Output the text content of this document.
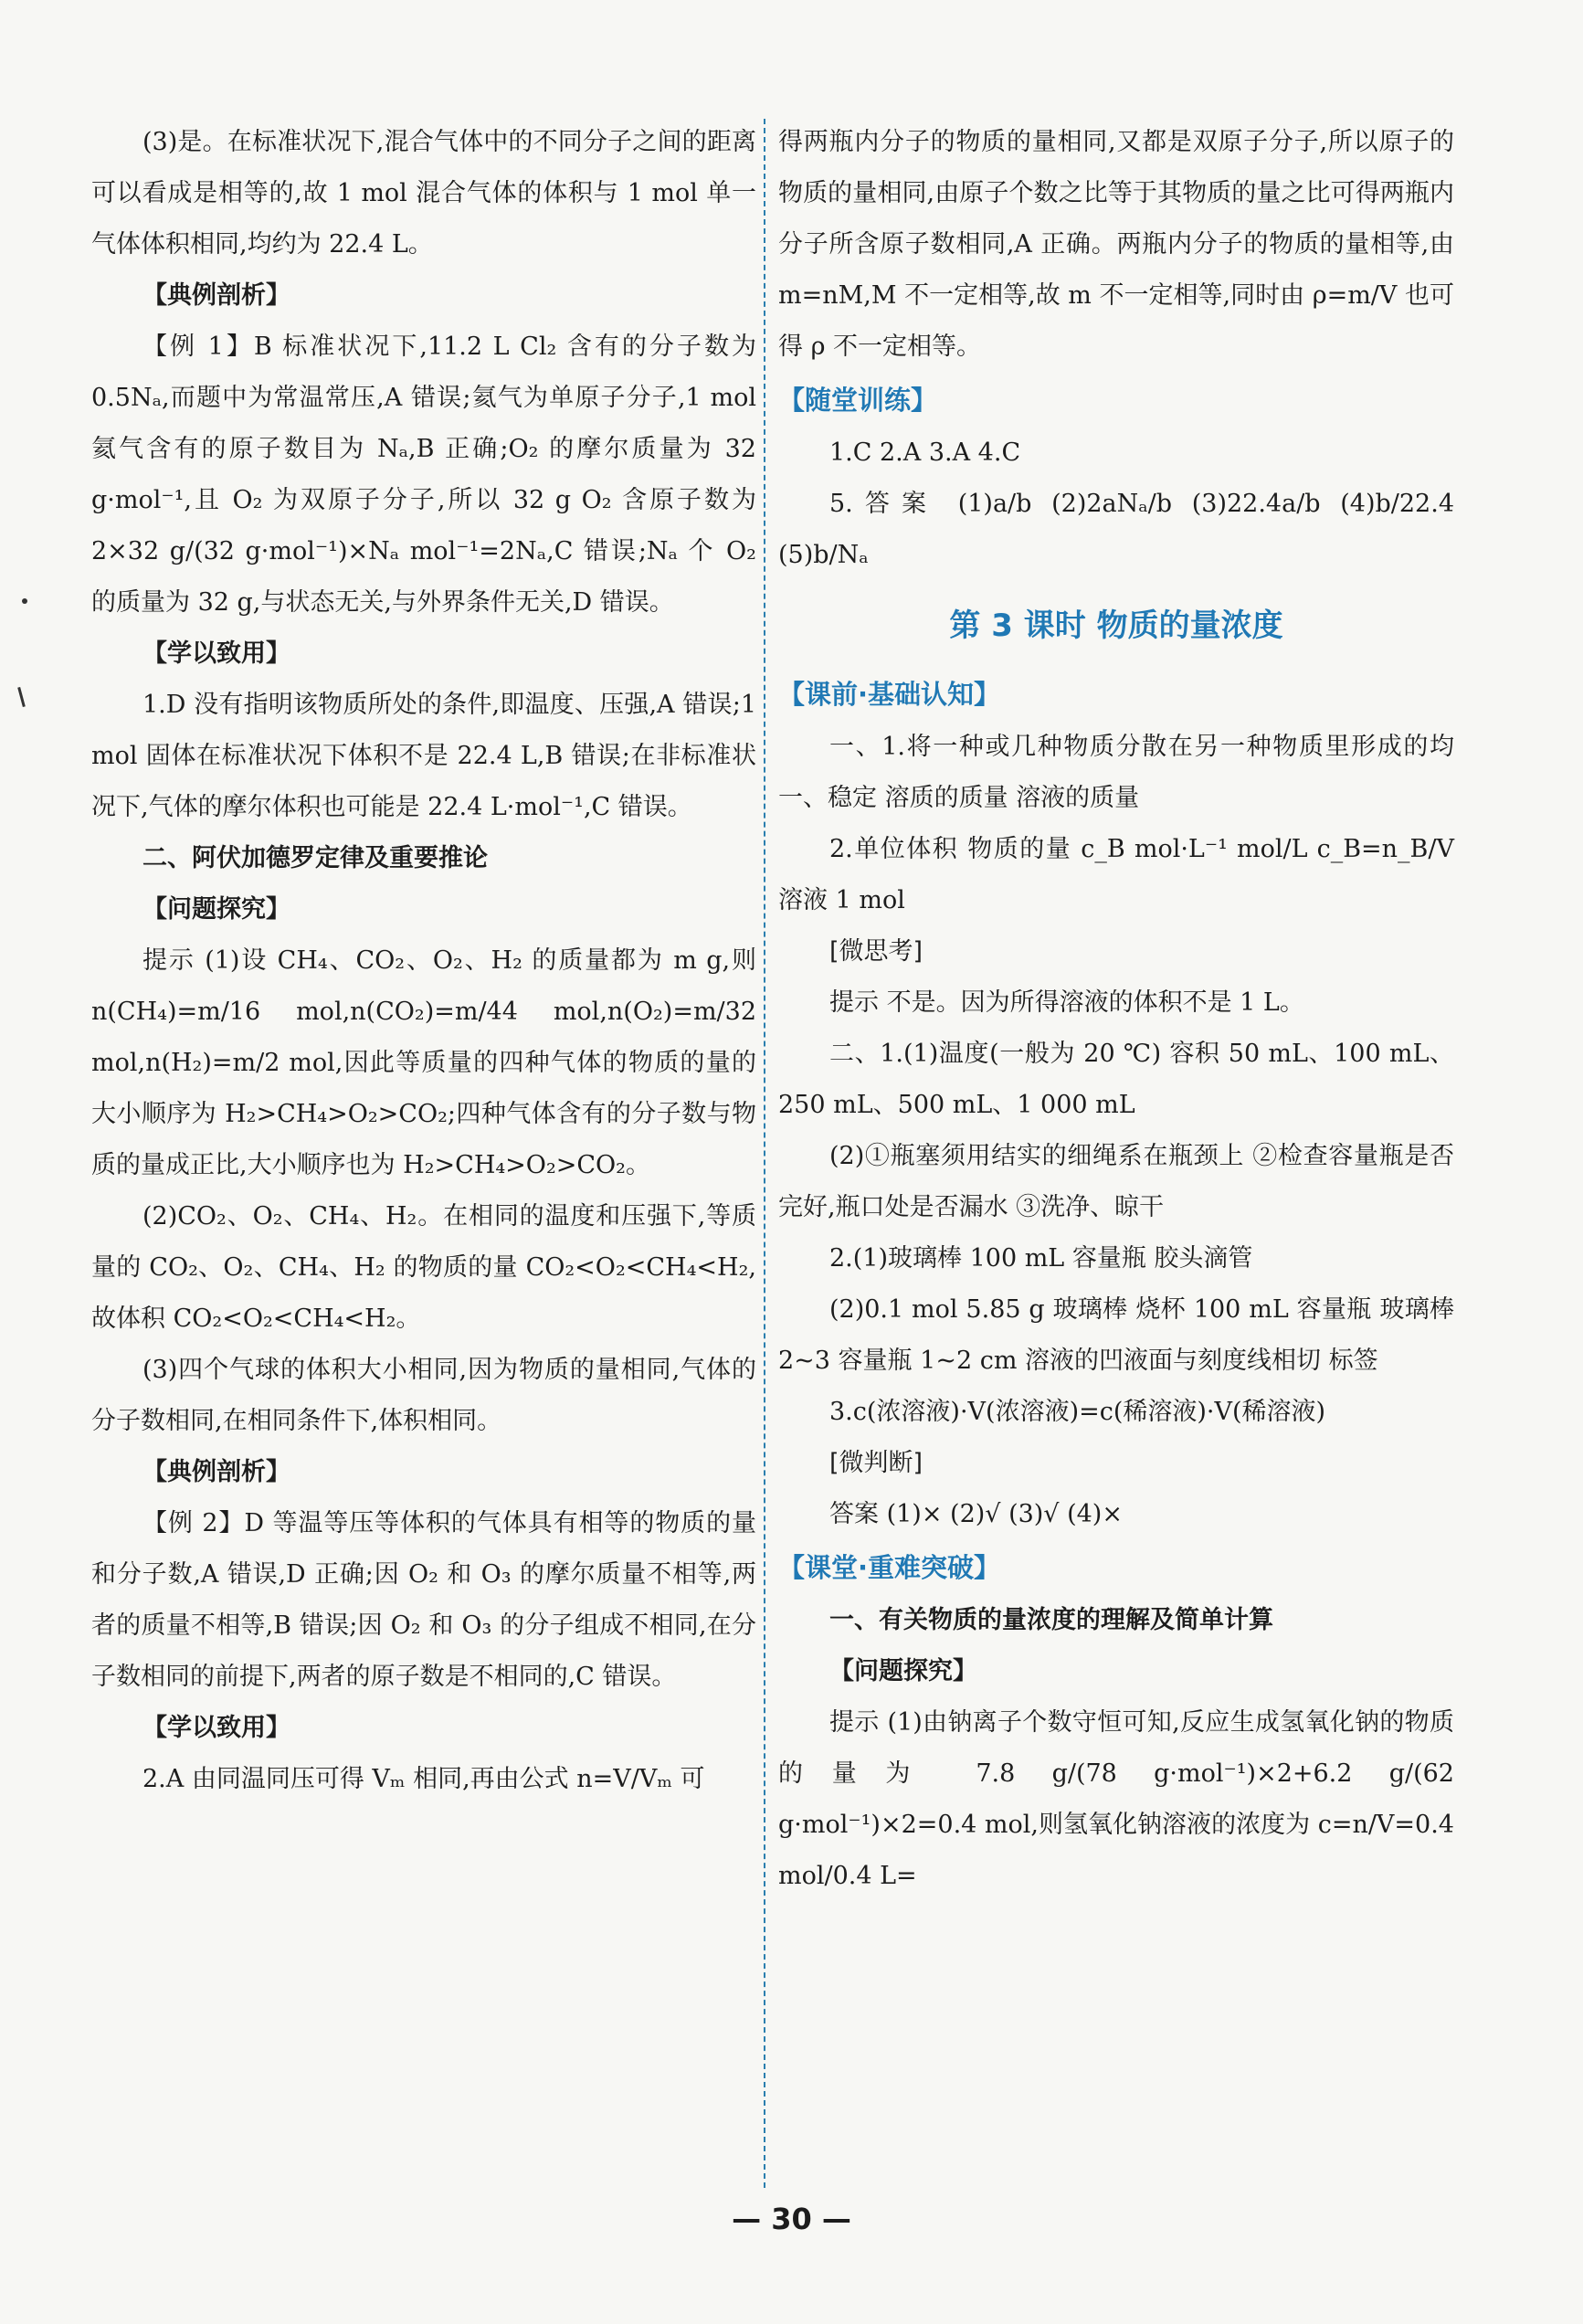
(3)是。在标准状况下,混合气体中的不同分子之间的距离可以看成是相等的,故 1 mol 混合气体的体积与 1 mol 单一气体体积相同,均约为 22.4 L。

【典例剖析】

【例 1】B 标准状况下,11.2 L Cl₂ 含有的分子数为 0.5Nₐ,而题中为常温常压,A 错误;氦气为单原子分子,1 mol 氦气含有的原子数目为 Nₐ,B 正确;O₂ 的摩尔质量为 32 g·mol⁻¹,且 O₂ 为双原子分子,所以 32 g O₂ 含原子数为 2×32 g/(32 g·mol⁻¹)×Nₐ mol⁻¹=2Nₐ,C 错误;Nₐ 个 O₂ 的质量为 32 g,与状态无关,与外界条件无关,D 错误。

【学以致用】

1.D 没有指明该物质所处的条件,即温度、压强,A 错误;1 mol 固体在标准状况下体积不是 22.4 L,B 错误;在非标准状况下,气体的摩尔体积也可能是 22.4 L·mol⁻¹,C 错误。

二、阿伏加德罗定律及重要推论

【问题探究】

提示 (1)设 CH₄、CO₂、O₂、H₂ 的质量都为 m g,则 n(CH₄)=m/16 mol,n(CO₂)=m/44 mol,n(O₂)=m/32 mol,n(H₂)=m/2 mol,因此等质量的四种气体的物质的量的大小顺序为 H₂>CH₄>O₂>CO₂;四种气体含有的分子数与物质的量成正比,大小顺序也为 H₂>CH₄>O₂>CO₂。

(2)CO₂、O₂、CH₄、H₂。在相同的温度和压强下,等质量的 CO₂、O₂、CH₄、H₂ 的物质的量 CO₂<O₂<CH₄<H₂,故体积 CO₂<O₂<CH₄<H₂。

(3)四个气球的体积大小相同,因为物质的量相同,气体的分子数相同,在相同条件下,体积相同。

【典例剖析】

【例 2】D 等温等压等体积的气体具有相等的物质的量和分子数,A 错误,D 正确;因 O₂ 和 O₃ 的摩尔质量不相等,两者的质量不相等,B 错误;因 O₂ 和 O₃ 的分子组成不相同,在分子数相同的前提下,两者的原子数是不相同的,C 错误。

【学以致用】

2.A 由同温同压可得 Vₘ 相同,再由公式 n=V/Vₘ 可

得两瓶内分子的物质的量相同,又都是双原子分子,所以原子的物质的量相同,由原子个数之比等于其物质的量之比可得两瓶内分子所含原子数相同,A 正确。两瓶内分子的物质的量相等,由 m=nM,M 不一定相等,故 m 不一定相等,同时由 ρ=m/V 也可得 ρ 不一定相等。

【随堂训练】

1.C 2.A 3.A 4.C

5.答案 (1)a/b (2)2aNₐ/b (3)22.4a/b (4)b/22.4 (5)b/Nₐ

第 3 课时 物质的量浓度

【课前·基础认知】

一、1.将一种或几种物质分散在另一种物质里形成的均一、稳定 溶质的质量 溶液的质量

2.单位体积 物质的量 c_B mol·L⁻¹ mol/L c_B=n_B/V 溶液 1 mol

[微思考]

提示 不是。因为所得溶液的体积不是 1 L。

二、1.(1)温度(一般为 20 ℃) 容积 50 mL、100 mL、250 mL、500 mL、1 000 mL

(2)①瓶塞须用结实的细绳系在瓶颈上 ②检查容量瓶是否完好,瓶口处是否漏水 ③洗净、晾干

2.(1)玻璃棒 100 mL 容量瓶 胶头滴管

(2)0.1 mol 5.85 g 玻璃棒 烧杯 100 mL 容量瓶 玻璃棒 2~3 容量瓶 1~2 cm 溶液的凹液面与刻度线相切 标签

3.c(浓溶液)·V(浓溶液)=c(稀溶液)·V(稀溶液)

[微判断]

答案 (1)× (2)√ (3)√ (4)×

【课堂·重难突破】

一、有关物质的量浓度的理解及简单计算

【问题探究】

提示 (1)由钠离子个数守恒可知,反应生成氢氧化钠的物质的量为 7.8 g/(78 g·mol⁻¹)×2+6.2 g/(62 g·mol⁻¹)×2=0.4 mol,则氢氧化钠溶液的浓度为 c=n/V=0.4 mol/0.4 L=

— 30 —
